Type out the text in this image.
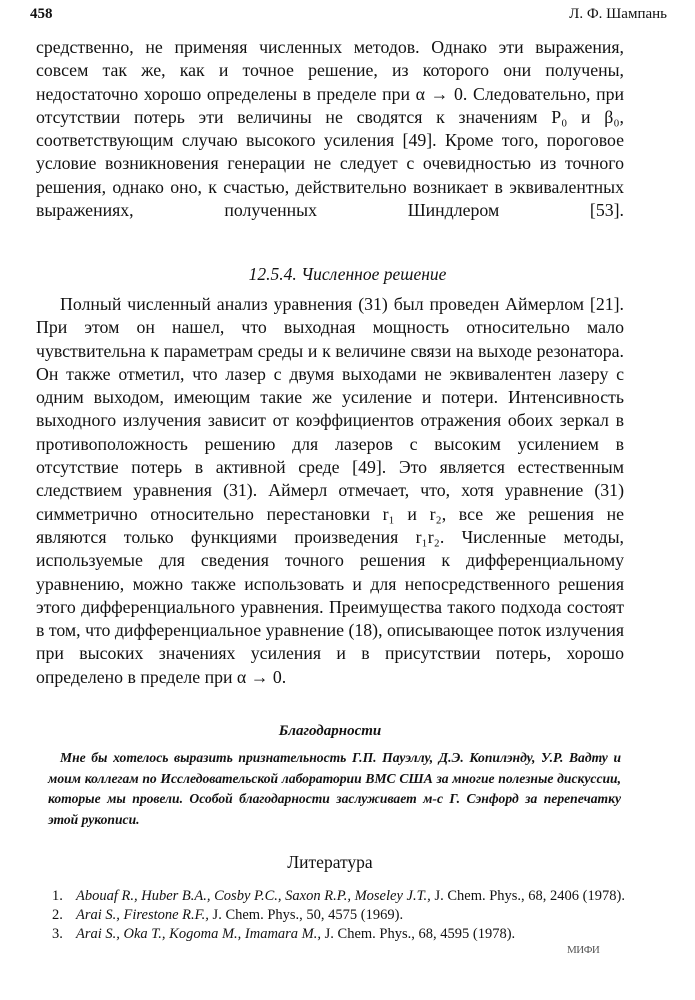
458	Л. Ф. Шампань

средственно, не применяя численных методов. Однако эти выражения, совсем так же, как и точное решение, из которого они получены, недостаточно хорошо определены в пределе при α → 0. Следовательно, при отсутствии потерь эти величины не сводятся к значениям P₀ и β₀, соответствующим случаю высокого усиления [49]. Кроме того, пороговое условие возникновения генерации не следует с очевидностью из точного решения, однако оно, к счастью, действительно возникает в эквивалентных выражениях, полученных Шиндлером [53].

12.5.4. Численное решение

Полный численный анализ уравнения (31) был проведен Аймерлом [21]. При этом он нашел, что выходная мощность относительно мало чувствительна к параметрам среды и к величине связи на выходе резонатора. Он также отметил, что лазер с двумя выходами не эквивалентен лазеру с одним выходом, имеющим такие же усиление и потери. Интенсивность выходного излучения зависит от коэффициентов отражения обоих зеркал в противоположность решению для лазеров с высоким усилением в отсутствие потерь в активной среде [49]. Это является естественным следствием уравнения (31). Аймерл отмечает, что, хотя уравнение (31) симметрично относительно перестановки r₁ и r₂, все же решения не являются только функциями произведения r₁r₂. Численные методы, используемые для сведения точного решения к дифференциальному уравнению, можно также использовать и для непосредственного решения этого дифференциального уравнения. Преимущества такого подхода состоят в том, что дифференциальное уравнение (18), описывающее поток излучения при высоких значениях усиления и в присутствии потерь, хорошо определено в пределе при α → 0.

Благодарности

Мне бы хотелось выразить признательность Г.П. Пауэллу, Д.Э. Копилэнду, У.Р. Вадту и моим коллегам по Исследовательской лаборатории ВМС США за многие полезные дискуссии, которые мы провели. Особой благодарности заслуживает м-с Г. Сэнфорд за перепечатку этой рукописи.

Литература
1. Abouaf R., Huber B.A., Cosby P.C., Saxon R.P., Moseley J.T., J. Chem. Phys., 68, 2406 (1978).
2. Arai S., Firestone R.F., J. Chem. Phys., 50, 4575 (1969).
3. Arai S., Oka T., Kogoma M., Imamara M., J. Chem. Phys., 68, 4595 (1978).
МИФИ
